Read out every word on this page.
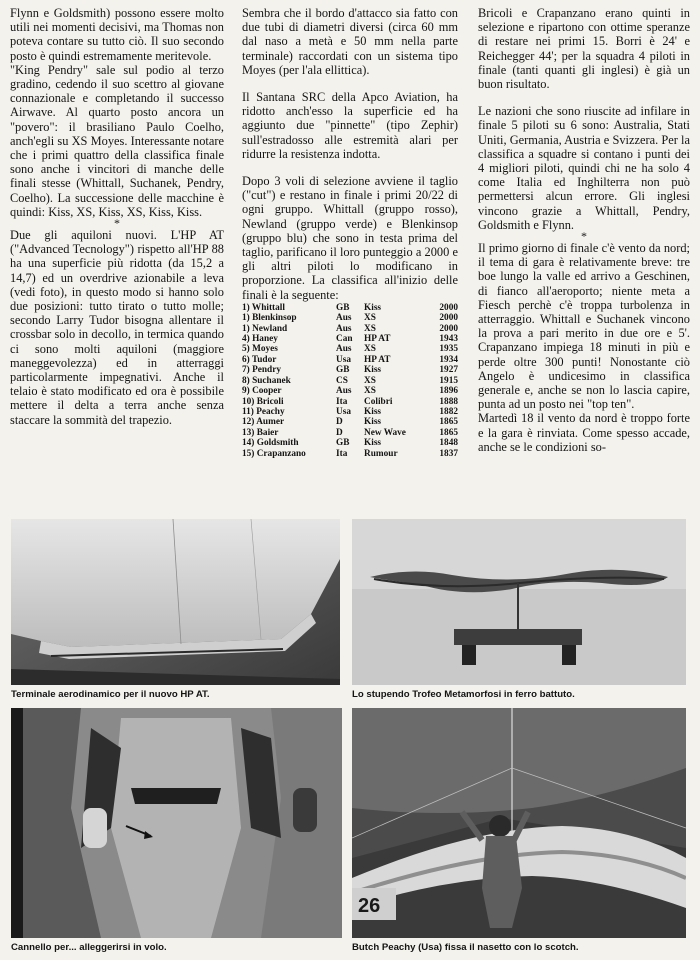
Flynn e Goldsmith) possono essere molto utili nei momenti decisivi, ma Thomas non poteva contare su tutto ciò. Il suo secondo posto è quindi estremamente meritevole.

"King Pendry" sale sul podio al terzo gradino, cedendo il suo scettro al giovane connazionale e completando il successo Airwave. Al quarto posto ancora un "povero": il brasiliano Paulo Coelho, anch'egli su XS Moyes. Interessante notare che i primi quattro della classifica finale sono anche i vincitori di manche delle finali stesse (Whittall, Suchanek, Pendry, Coelho). La successione delle macchine è quindi: Kiss, XS, Kiss, XS, Kiss, Kiss.

*

Due gli aquiloni nuovi. L'HP AT ("Advanced Tecnology") rispetto all'HP 88 ha una superficie più ridotta (da 15,2 a 14,7) ed un overdrive azionabile a leva (vedi foto), in questo modo si hanno solo due posizioni: tutto tirato o tutto molle; secondo Larry Tudor bisogna allentare il crossbar solo in decollo, in termica quando ci sono molti aquiloni (maggiore maneggevolezza) ed in atterraggi particolarmente impegnativi. Anche il telaio è stato modificato ed ora è possibile mettere il delta a terra anche senza staccare la sommità del trapezio.

Sembra che il bordo d'attacco sia fatto con due tubi di diametri diversi (circa 60 mm dal naso a metà e 50 mm nella parte terminale) raccordati con un sistema tipo Moyes (per l'ala ellittica).

Il Santana SRC della Apco Aviation, ha ridotto anch'esso la superficie ed ha aggiunto due "pinnette" (tipo Zephir) sull'estradosso alle estremità alari per ridurre la resistenza indotta.

Dopo 3 voli di selezione avviene il taglio ("cut") e restano in finale i primi 20/22 di ogni gruppo. Whittall (gruppo rosso), Newland (gruppo verde) e Blenkinsop (gruppo blu) che sono in testa prima del taglio, parificano il loro punteggio a 2000 e gli altri piloti lo modificano in proporzione. La classifica all'inizio delle finali è la seguente:

1) Whittall	GB	Kiss	2000
1) Blenkinsop	Aus	XS	2000
1) Newland	Aus	XS	2000
4) Haney	Can	HP AT	1943
5) Moyes	Aus	XS	1935
6) Tudor	Usa	HP AT	1934
7) Pendry	GB	Kiss	1927
8) Suchanek	CS	XS	1915
9) Cooper	Aus	XS	1896
10) Bricoli	Ita	Colibri	1888
11) Peachy	Usa	Kiss	1882
12) Aumer	D	Kiss	1865
13) Baier	D	New Wave	1865
14) Goldsmith	GB	Kiss	1848
15) Crapanzano	Ita	Rumour	1837

Bricoli e Crapanzano erano quinti in selezione e ripartono con ottime speranze di restare nei primi 15. Borri è 24' e Reichegger 44'; per la squadra 4 piloti in finale (tanti quanti gli inglesi) è già un buon risultato.

Le nazioni che sono riuscite ad infilare in finale 5 piloti su 6 sono: Australia, Stati Uniti, Germania, Austria e Svizzera. Per la classifica a squadre si contano i punti dei 4 migliori piloti, quindi chi ne ha solo 4 come Italia ed Inghilterra non può permettersi alcun errore. Gli inglesi vincono grazie a Whittall, Pendry, Goldsmith e Flynn.

*

Il primo giorno di finale c'è vento da nord; il tema di gara è relativamente breve: tre boe lungo la valle ed arrivo a Geschinen, di fianco all'aeroporto; niente meta a Fiesch perchè c'è troppa turbolenza in atterraggio. Whittall e Suchanek vincono la prova a pari merito in due ore e 5'. Crapanzano impiega 18 minuti in più e perde oltre 300 punti! Nonostante ciò Angelo è undicesimo in classifica generale e, anche se non lo lascia capire, punta ad un posto nei "top ten".

Martedì 18 il vento da nord è troppo forte e la gara è rinviata. Come spesso accade, anche se le condizioni so-

Terminale aerodinamico per il nuovo HP AT.	Lo stupendo Trofeo Metamorfosi in ferro battuto.
Cannello per... alleggerirsi in volo.
26
Butch Peachy (Usa) fissa il nasetto con lo scotch.
